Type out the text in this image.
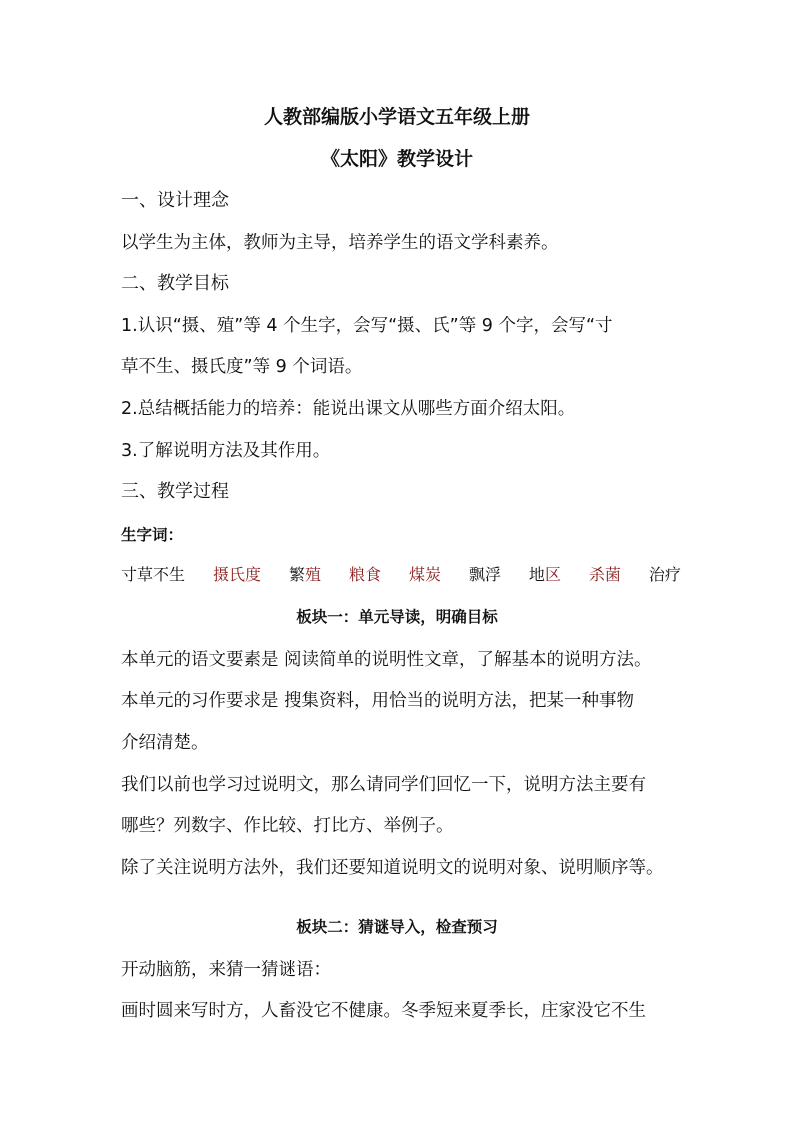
人教部编版小学语文五年级上册
《太阳》教学设计
一、设计理念
以学生为主体，教师为主导，培养学生的语文学科素养。
二、教学目标
1.认识“摄、殖”等 4 个生字，会写“摄、氏”等 9 个字，会写“寸
草不生、摄氏度”等 9 个词语。
2.总结概括能力的培养：能说出课文从哪些方面介绍太阳。
3.了解说明方法及其作用。
三、教学过程
生字词：
寸草不生 摄氏度 繁殖 粮食 煤炭 飘浮 地区 杀菌 治疗
板块一：单元导读，明确目标
本单元的语文要素是 阅读简单的说明性文章，了解基本的说明方法。
本单元的习作要求是 搜集资料，用恰当的说明方法，把某一种事物
介绍清楚。
我们以前也学习过说明文，那么请同学们回忆一下，说明方法主要有
哪些？列数字、作比较、打比方、举例子。
除了关注说明方法外，我们还要知道说明文的说明对象、说明顺序等。
板块二：猜谜导入，检查预习
开动脑筋，来猜一猜谜语：
画时圆来写时方，人畜没它不健康。冬季短来夏季长，庄家没它不生
